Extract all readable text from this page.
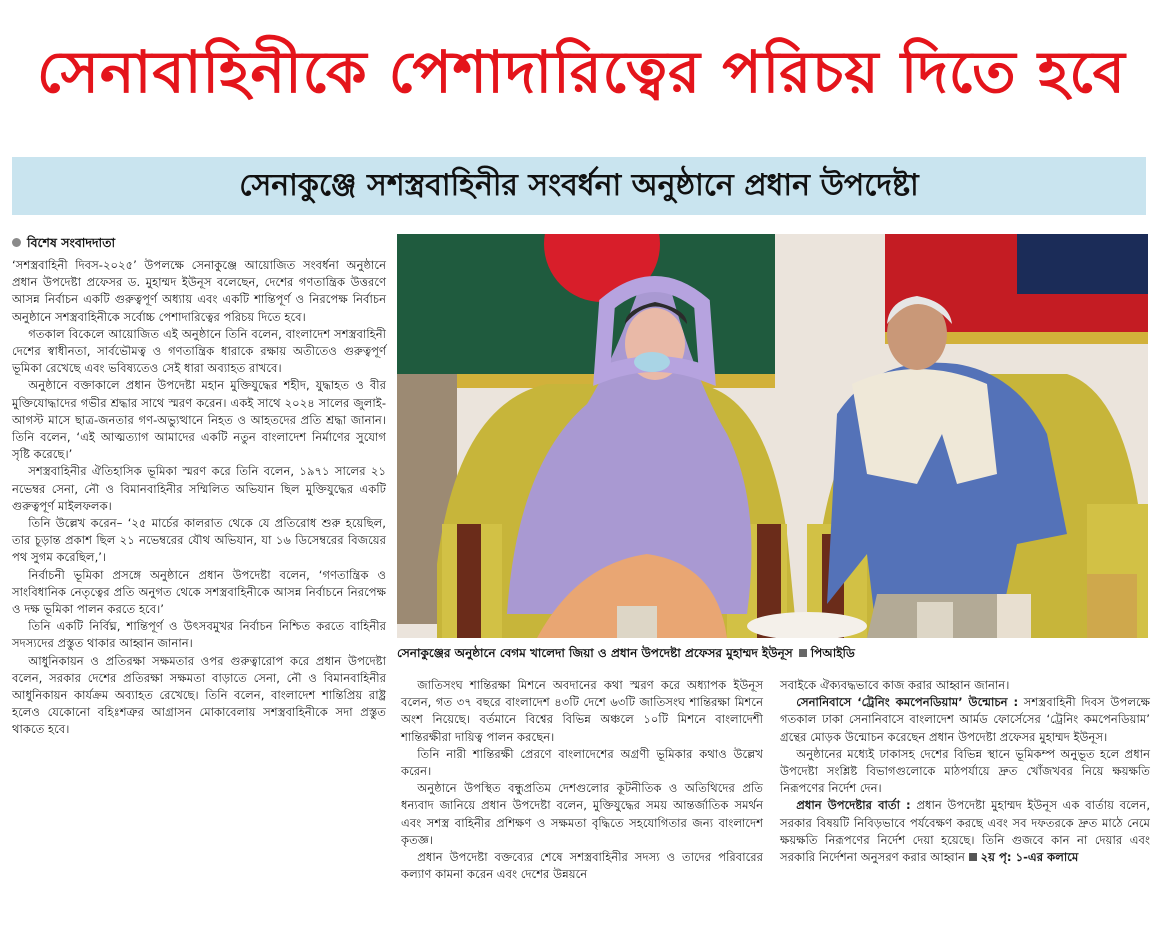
সেনাবাহিনীকে পেশাদারিত্বের পরিচয় দিতে হবে
সেনাকুঞ্জে সশস্ত্রবাহিনীর সংবর্ধনা অনুষ্ঠানে প্রধান উপদেষ্টা
বিশেষ সংবাদদাতা

‘সশস্ত্রবাহিনী দিবস-২০২৫’ উপলক্ষে সেনাকুঞ্জে আয়োজিত সংবর্ধনা অনুষ্ঠানে প্রধান উপদেষ্টা প্রফেসর ড. মুহাম্মদ ইউনূস বলেছেন, দেশের গণতান্ত্রিক উত্তরণে আসন্ন নির্বাচন একটি গুরুত্বপূর্ণ অধ্যায় এবং একটি শান্তিপূর্ণ ও নিরপেক্ষ নির্বাচন অনুষ্ঠানে সশস্ত্রবাহিনীকে সর্বোচ্চ পেশাদারিত্বের পরিচয় দিতে হবে।

গতকাল বিকেলে আয়োজিত এই অনুষ্ঠানে তিনি বলেন, বাংলাদেশ সশস্ত্রবাহিনী দেশের স্বাধীনতা, সার্বভৌমত্ব ও গণতান্ত্রিক ধারাকে রক্ষায় অতীতেও গুরুত্বপূর্ণ ভূমিকা রেখেছে এবং ভবিষ্যতেও সেই ধারা অব্যাহত রাখবে।

অনুষ্ঠানে বক্তাকালে প্রধান উপদেষ্টা মহান মুক্তিযুদ্ধের শহীদ, যুদ্ধাহত ও বীর মুক্তিযোদ্ধাদের গভীর শ্রদ্ধার সাথে স্মরণ করেন। একই সাথে ২০২৪ সালের জুলাই-আগস্ট মাসে ছাত্র-জনতার গণ-অভ্যুত্থানে নিহত ও আহতদের প্রতি শ্রদ্ধা জানান। তিনি বলেন, ‘এই আত্মত্যাগ আমাদের একটি নতুন বাংলাদেশ নির্মাণের সুযোগ সৃষ্টি করেছে।’

সশস্ত্রবাহিনীর ঐতিহাসিক ভূমিকা স্মরণ করে তিনি বলেন, ১৯৭১ সালের ২১ নভেম্বর সেনা, নৌ ও বিমানবাহিনীর সম্মিলিত অভিযান ছিল মুক্তিযুদ্ধের একটি গুরুত্বপূর্ণ মাইলফলক।

তিনি উল্লেখ করেন– ‘২৫ মার্চের কালরাত থেকে যে প্রতিরোধ শুরু হয়েছিল, তার চূড়ান্ত প্রকাশ ছিল ২১ নভেম্বরের যৌথ অভিযান, যা ১৬ ডিসেম্বরের বিজয়ের পথ সুগম করেছিল,’।

নির্বাচনী ভূমিকা প্রসঙ্গে অনুষ্ঠানে প্রধান উপদেষ্টা বলেন, ‘গণতান্ত্রিক ও সাংবিধানিক নেতৃত্বের প্রতি অনুগত থেকে সশস্ত্রবাহিনীকে আসন্ন নির্বাচনে নিরপেক্ষ ও দক্ষ ভূমিকা পালন করতে হবে।’

তিনি একটি নির্বিঘ্ন, শান্তিপূর্ণ ও উৎসবমুখর নির্বাচন নিশ্চিত করতে বাহিনীর সদস্যদের প্রস্তুত থাকার আহ্বান জানান।

আধুনিকায়ন ও প্রতিরক্ষা সক্ষমতার ওপর গুরুত্বারোপ করে প্রধান উপদেষ্টা বলেন, সরকার দেশের প্রতিরক্ষা সক্ষমতা বাড়াতে সেনা, নৌ ও বিমানবাহিনীর আধুনিকায়ন কার্যক্রম অব্যাহত রেখেছে। তিনি বলেন, বাংলাদেশ শান্তিপ্রিয় রাষ্ট্র হলেও যেকোনো বহিঃশত্রুর আগ্রাসন মোকাবেলায় সশস্ত্রবাহিনীকে সদা প্রস্তুত থাকতে হবে।

সেনাকুঞ্জের অনুষ্ঠানে বেগম খালেদা জিয়া ও প্রধান উপদেষ্টা প্রফেসর মুহাম্মদ ইউনূস পিআইডি

জাতিসংঘ শান্তিরক্ষা মিশনে অবদানের কথা স্মরণ করে অধ্যাপক ইউনূস বলেন, গত ৩৭ বছরে বাংলাদেশ ৪৩টি দেশে ৬৩টি জাতিসংঘ শান্তিরক্ষা মিশনে অংশ নিয়েছে। বর্তমানে বিশ্বের বিভিন্ন অঞ্চলে ১০টি মিশনে বাংলাদেশী শান্তিরক্ষীরা দায়িত্ব পালন করছেন।

তিনি নারী শান্তিরক্ষী প্রেরণে বাংলাদেশের অগ্রণী ভূমিকার কথাও উল্লেখ করেন।

অনুষ্ঠানে উপস্থিত বন্ধুপ্রতিম দেশগুলোর কূটনীতিক ও অতিথিদের প্রতি ধন্যবাদ জানিয়ে প্রধান উপদেষ্টা বলেন, মুক্তিযুদ্ধের সময় আন্তর্জাতিক সমর্থন এবং সশস্ত্র বাহিনীর প্রশিক্ষণ ও সক্ষমতা বৃদ্ধিতে সহযোগিতার জন্য বাংলাদেশ কৃতজ্ঞ।

প্রধান উপদেষ্টা বক্তব্যের শেষে সশস্ত্রবাহিনীর সদস্য ও তাদের পরিবারের কল্যাণ কামনা করেন এবং দেশের উন্নয়নে

সবাইকে ঐক্যবদ্ধভাবে কাজ করার আহ্বান জানান।

সেনানিবাসে ‘ট্রেনিং কমপেনডিয়াম’ উন্মোচন : সশস্ত্রবাহিনী দিবস উপলক্ষে গতকাল ঢাকা সেনানিবাসে বাংলাদেশ আর্মড ফোর্সেসের ‘ট্রেনিং কমপেনডিয়াম’ গ্রন্থের মোড়ক উন্মোচন করেছেন প্রধান উপদেষ্টা প্রফেসর মুহাম্মদ ইউনূস।

অনুষ্ঠানের মধ্যেই ঢাকাসহ দেশের বিভিন্ন স্থানে ভূমিকম্প অনুভূত হলে প্রধান উপদেষ্টা সংশ্লিষ্ট বিভাগগুলোকে মাঠপর্যায়ে দ্রুত খোঁজখবর নিয়ে ক্ষয়ক্ষতি নিরূপণের নির্দেশ দেন।

প্রধান উপদেষ্টার বার্তা : প্রধান উপদেষ্টা মুহাম্মদ ইউনূস এক বার্তায় বলেন, সরকার বিষয়টি নিবিড়ভাবে পর্যবেক্ষণ করছে এবং সব দফতরকে দ্রুত মাঠে নেমে ক্ষয়ক্ষতি নিরূপণের নির্দেশ দেয়া হয়েছে। তিনি গুজবে কান না দেয়ার এবং সরকারি নির্দেশনা অনুসরণ করার আহ্বান ২য় পৃ: ১-এর কলামে
